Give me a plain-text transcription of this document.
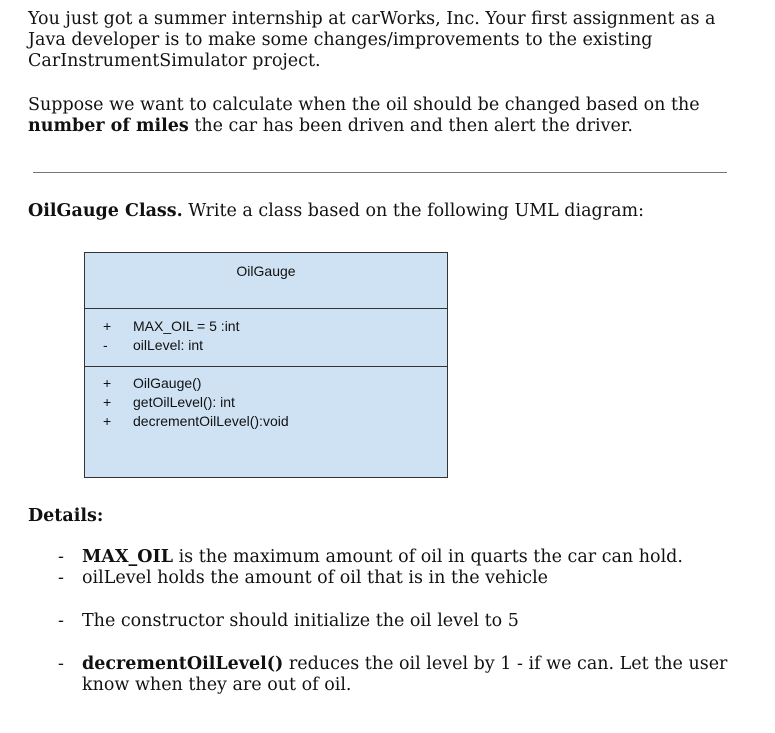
You just got a summer internship at carWorks, Inc. Your first assignment as a Java developer is to make some changes/improvements to the existing CarInstrumentSimulator project.
Suppose we want to calculate when the oil should be changed based on the number of miles the car has been driven and then alert the driver.
OilGauge Class. Write a class based on the following UML diagram:
OilGauge
+ MAX_OIL = 5 :int
- oilLevel: int
+ OilGauge()
+ getOilLevel(): int
+ decrementOilLevel():void
Details:
- MAX_OIL is the maximum amount of oil in quarts the car can hold.
- oilLevel holds the amount of oil that is in the vehicle
- The constructor should initialize the oil level to 5
- decrementOilLevel() reduces the oil level by 1 - if we can. Let the user know when they are out of oil.
